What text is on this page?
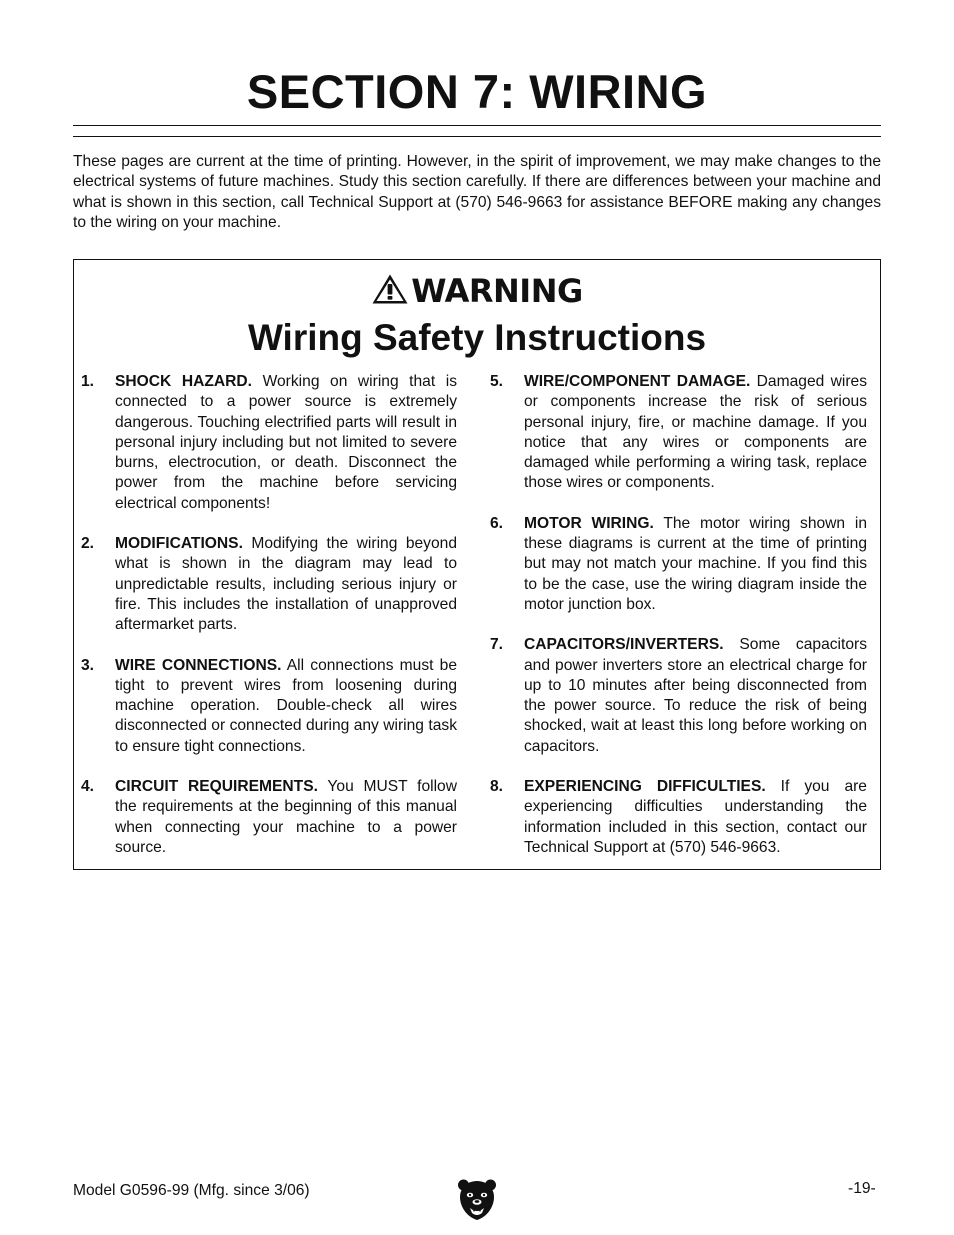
SECTION 7: WIRING

These pages are current at the time of printing. However, in the spirit of improvement, we may make changes to the electrical systems of future machines. Study this section carefully. If there are differences between your machine and what is shown in this section, call Technical Support at (570) 546-9663 for assistance BEFORE making any changes to the wiring on your machine.

WARNING
Wiring Safety Instructions
1. SHOCK HAZARD. Working on wiring that is connected to a power source is extremely dangerous. Touching electrified parts will result in personal injury including but not limited to severe burns, electrocution, or death. Disconnect the power from the machine before servicing electrical components!
2. MODIFICATIONS. Modifying the wiring beyond what is shown in the diagram may lead to unpredictable results, including serious injury or fire. This includes the installation of unapproved aftermarket parts.
3. WIRE CONNECTIONS. All connections must be tight to prevent wires from loosening during machine operation. Double-check all wires disconnected or connected during any wiring task to ensure tight connections.
4. CIRCUIT REQUIREMENTS. You MUST follow the requirements at the beginning of this manual when connecting your machine to a power source.
5. WIRE/COMPONENT DAMAGE. Damaged wires or components increase the risk of serious personal injury, fire, or machine damage. If you notice that any wires or components are damaged while performing a wiring task, replace those wires or components.
6. MOTOR WIRING. The motor wiring shown in these diagrams is current at the time of printing but may not match your machine. If you find this to be the case, use the wiring diagram inside the motor junction box.
7. CAPACITORS/INVERTERS. Some capacitors and power inverters store an electrical charge for up to 10 minutes after being disconnected from the power source. To reduce the risk of being shocked, wait at least this long before working on capacitors.
8. EXPERIENCING DIFFICULTIES. If you are experiencing difficulties understanding the information included in this section, contact our Technical Support at (570) 546-9663.
Model G0596-99 (Mfg. since 3/06)	-19-
